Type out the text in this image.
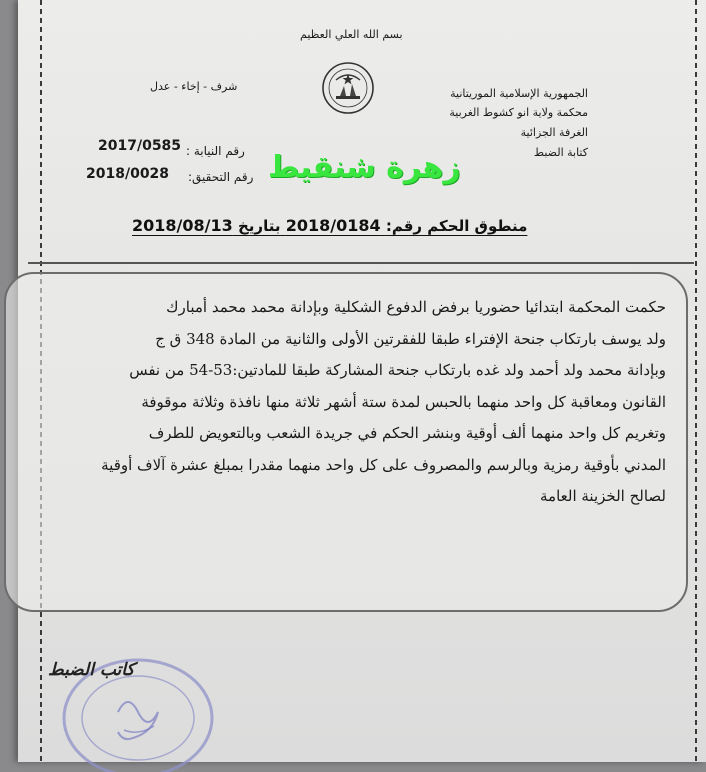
بسم الله العلي العظيم
شرف - إخاء - عدل
الجمهورية الإسلامية الموريتانية
محكمة ولاية انو كشوط الغربية
الغرفة الجزائية
كتابة الضبط
رقم النيابة :
2017/0585
رقم التحقيق:
2018/0028	زهرة شنقيط
منطوق الحكم رقم: 2018/0184 بتاريخ 2018/08/13
حكمت المحكمة ابتدائيا حضوريا برفض الدفوع الشكلية وبإدانة محمد محمد أمبارك
ولد يوسف بارتكاب جنحة الإفتراء طبقا للفقرتين الأولى والثانية من المادة 348 ق ج
وبإدانة محمد ولد أحمد ولد غده بارتكاب جنحة المشاركة طبقا للمادتين:53-54 من نفس
القانون ومعاقبة كل واحد منهما بالحبس لمدة ستة أشهر ثلاثة منها نافذة وثلاثة موقوفة
وتغريم كل واحد منهما ألف أوقية وبنشر الحكم في جريدة الشعب وبالتعويض للطرف
المدني بأوقية رمزية وبالرسم والمصروف على كل واحد منهما مقدرا بمبلغ عشرة آلاف أوقية
لصالح الخزينة العامة
كاتب الضبط
